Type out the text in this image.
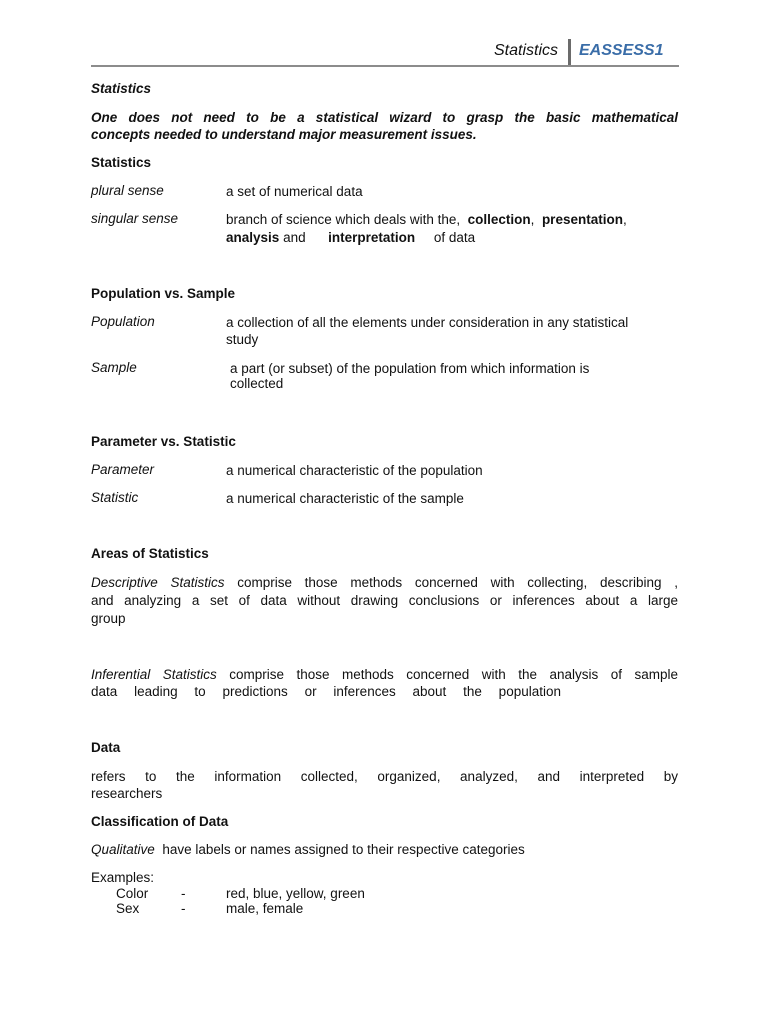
Statistics EASSESS1
Statistics
One does not need to be a statistical wizard to grasp the basic mathematical
concepts needed to understand major measurement issues.
Statistics
plural sense	a set of numerical data
singular sense	branch of science which deals with the, collection,  presentation,
analysis and interpretation of data
Population vs. Sample
Population	a collection of all the elements under consideration in any statistical
study
Sample	a part (or subset) of the population from which information is
collected
Parameter vs. Statistic
Parameter	a numerical characteristic of the population
Statistic	a numerical characteristic of the sample
Areas of Statistics
Descriptive Statistics comprise those methods concerned with collecting, describing ,
and analyzing a set of data without drawing conclusions or inferences about a large
group
Inferential Statistics comprise those methods concerned with the analysis of sample
data leading to predictions or inferences about the population
Data
refers to the information collected, organized, analyzed, and interpreted by
researchers
Classification of Data
Qualitative have labels or names assigned to their respective categories
Examples:
Color -	red, blue, yellow, green
Sex	-	male, female
